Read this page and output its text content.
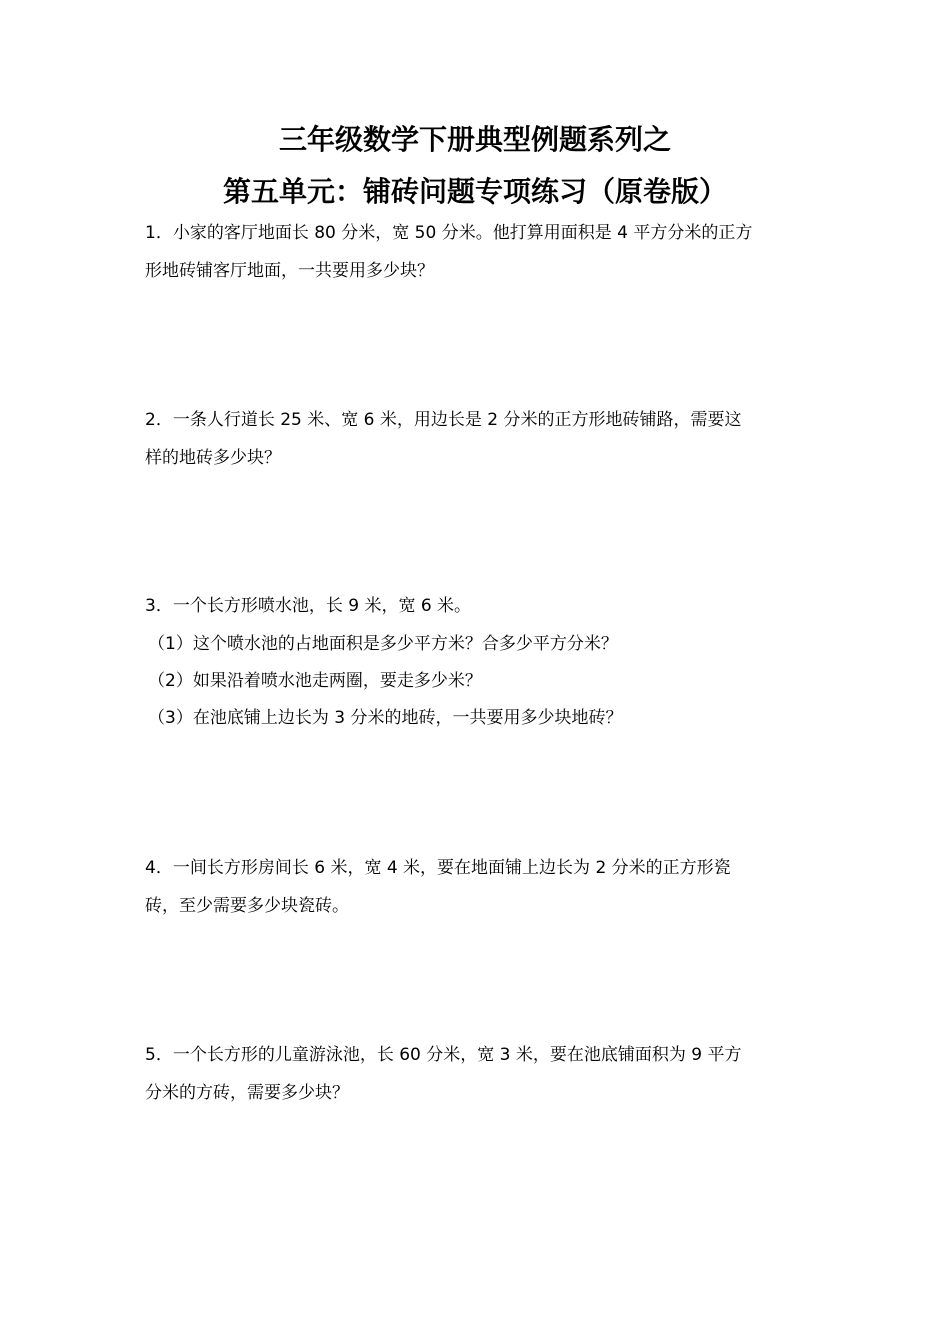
三年级数学下册典型例题系列之
第五单元：铺砖问题专项练习（原卷版）
1．小家的客厅地面长 80 分米，宽 50 分米。他打算用面积是 4 平方分米的正方
形地砖铺客厅地面，一共要用多少块？
2．一条人行道长 25 米、宽 6 米，用边长是 2 分米的正方形地砖铺路，需要这
样的地砖多少块？
3．一个长方形喷水池，长 9 米，宽 6 米。
（1）这个喷水池的占地面积是多少平方米？合多少平方分米？
（2）如果沿着喷水池走两圈，要走多少米？
（3）在池底铺上边长为 3 分米的地砖，一共要用多少块地砖？
4．一间长方形房间长 6 米，宽 4 米，要在地面铺上边长为 2 分米的正方形瓷
砖，至少需要多少块瓷砖。
5．一个长方形的儿童游泳池，长 60 分米，宽 3 米，要在池底铺面积为 9 平方
分米的方砖，需要多少块？
